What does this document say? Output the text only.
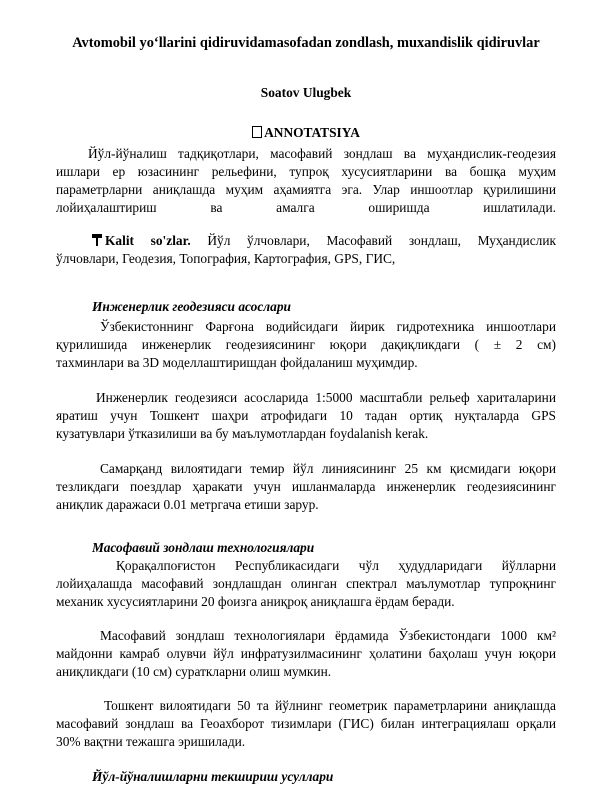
Avtomobil yo‘llarini qidiruvidamasofadan zondlash, muxandislik qidiruvlar
Soatov Ulugbek
ANNOTATSIYA
Йўл-йўналиш тадқиқотлари, масофавий зондлаш ва муҳандислик-геодезия
ишлари ер юзасининг рельефини, тупроқ хусусиятларини ва бошқа муҳим
параметрларни аниқлашда муҳим аҳамиятга эга. Улар иншоотлар қурилишини
лойиҳалаштириш ва амалга оширишда ишлатилади.
Kalit so'zlar. Йўл ўлчовлари, Масофавий зондлаш, Муҳандислик
ўлчовлари, Геодезия, Топография, Картография, GPS, ГИС,
Инженерлик геодезияси асослари
Ўзбекистоннинг Фарғона водийсидаги йирик гидротехника иншоотлари
қурилишида инженерлик геодезиясининг юқори дақиқликдаги ( ± 2 см)
тахминлари ва 3D моделлаштиришдан фойдаланиш муҳимдир.
Инженерлик геодезияси асосларида 1:5000 масштабли рельеф хариталарини
яратиш учун Тошкент шаҳри атрофидаги 10 тадан ортиқ нуқталарда GPS
кузатувлари ўтказилиши ва бу маълумотлардан foydalanish kerak.
Самарқанд вилоятидаги темир йўл линиясининг 25 км қисмидаги юқори
тезликдаги поездлар ҳаракати учун ишланмаларда инженерлик геодезиясининг
аниқлик даражаси 0.01 метргача етиши зарур.
Масофавий зондлаш технологиялари
Қорақалпоғистон Республикасидаги чўл ҳудудларидаги йўлларни
лойиҳалашда масофавий зондлашдан олинган спектрал маълумотлар тупроқнинг
механик хусусиятларини 20 фоизга аниқроқ аниқлашга ёрдам беради.
Масофавий зондлаш технологиялари ёрдамида Ўзбекистондаги 1000 км²
майдонни камраб олувчи йўл инфратузилмасининг ҳолатини баҳолаш учун юқори
аниқликдаги (10 см) сураткларни олиш мумкин.
Тошкент вилоятидаги 50 та йўлнинг геометрик параметрларини аниқлашда
масофавий зондлаш ва Геоахборот тизимлари (ГИС) билан интеграциялаш орқали
30% вақтни тежашга эришилади.
Йўл-йўналишларни текшириш усуллари
